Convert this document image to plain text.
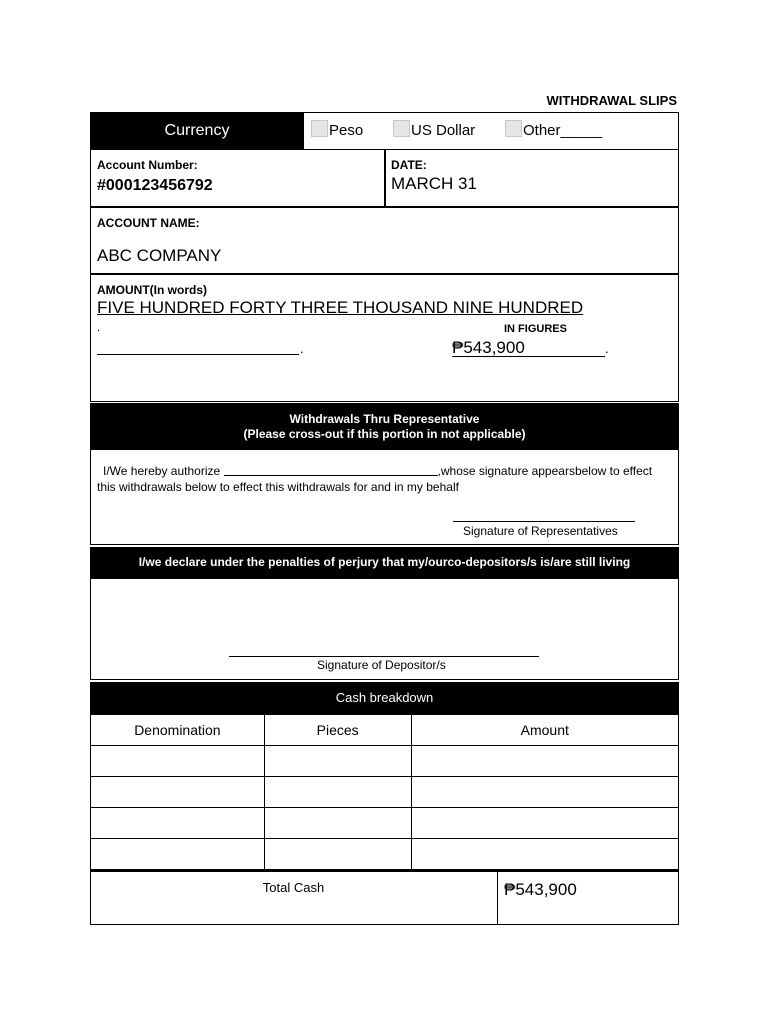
WITHDRAWAL SLIPS
Currency	Peso	US Dollar	Other_____
Account Number:
#000123456792
DATE:
MARCH 31
ACCOUNT NAME:
ABC COMPANY
AMOUNT(In words)
FIVE HUNDRED FORTY THREE THOUSAND NINE HUNDRED
.	IN FIGURES
.	₱543,900	.
Withdrawals Thru Representative
(Please cross-out if this portion in not applicable)
I/We hereby authorize	,whose signature appearsbelow to effect
this withdrawals below to effect this withdrawals for and in my behalf
Signature of Representatives
I/we declare under the penalties of perjury that my/ourco-depositors/s is/are still living
Signature of Depositor/s
Cash breakdown
Denomination	Pieces	Amount

Total Cash	₱543,900
